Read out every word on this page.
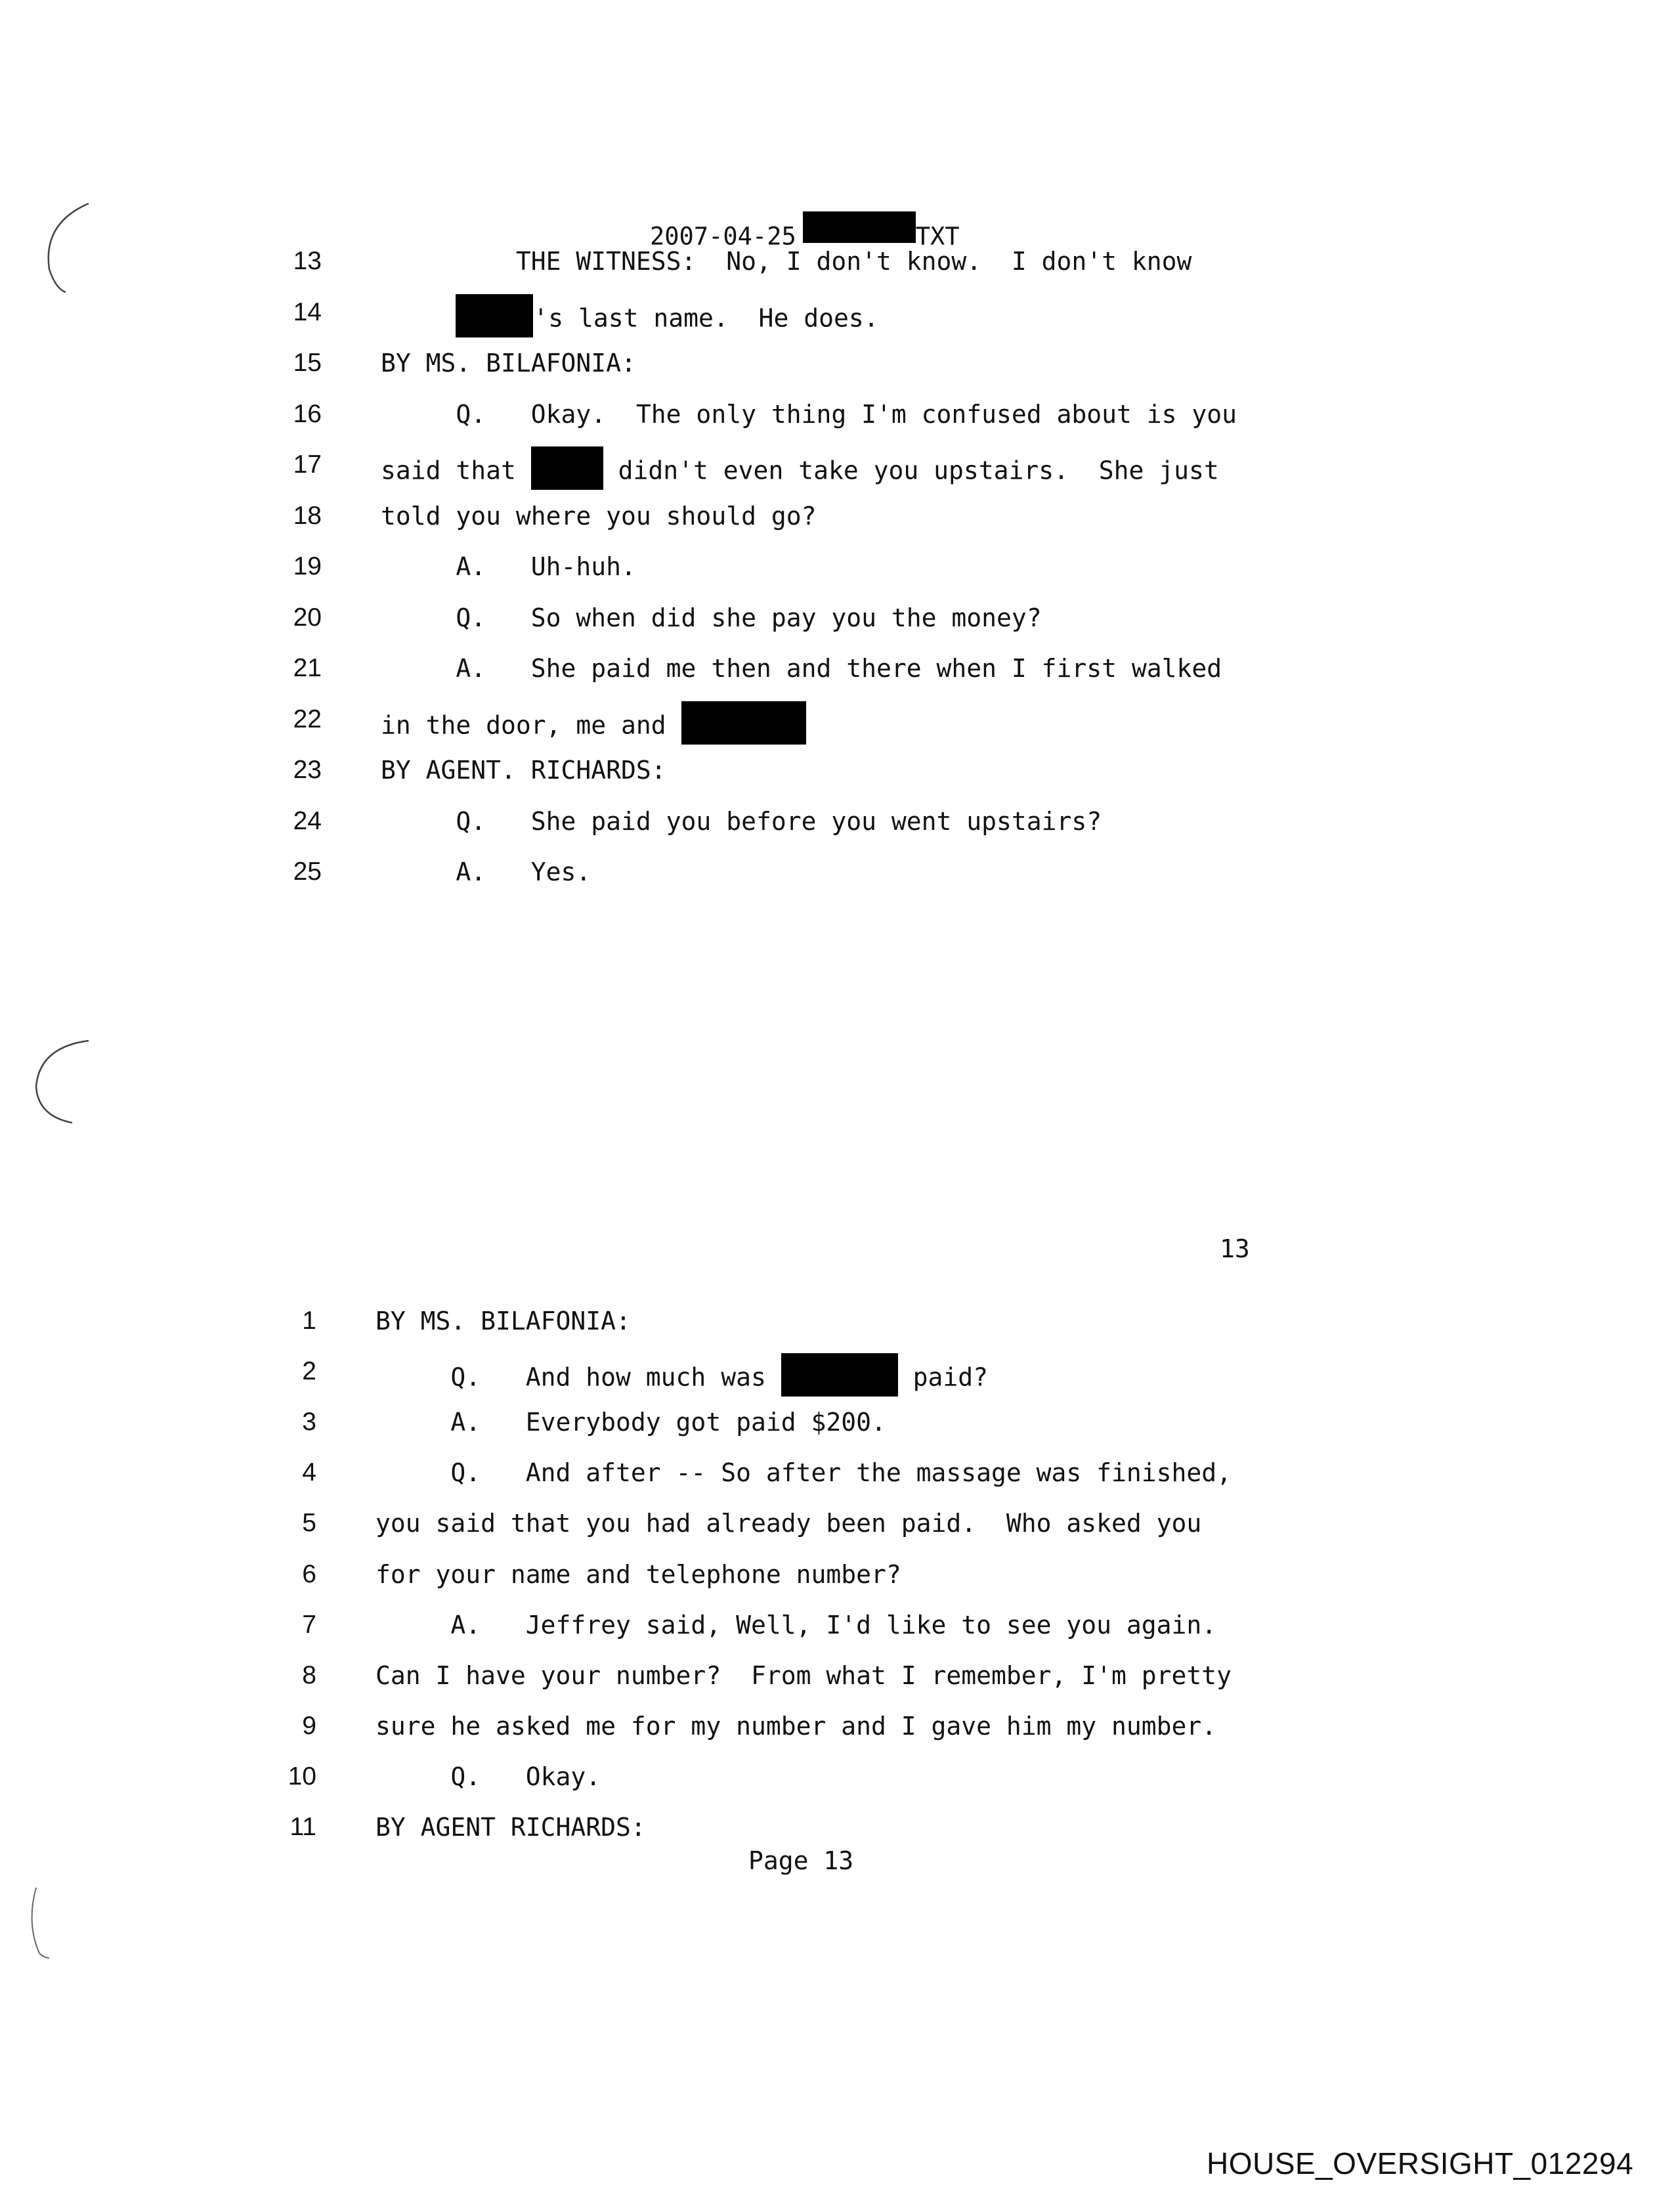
2007-04-25	TXT
13 THE WITNESS:  No, I don't know.  I don't know
14	's last name.  He does.
15 BY MS. BILAFONIA:
16 Q.   Okay.  The only thing I'm confused about is you
17 said that	didn't even take you upstairs.  She just
18 told you where you should go?
19 A.   Uh-huh.
20 Q.   So when did she pay you the money?
21 A.   She paid me then and there when I first walked
22 in the door, me and
23 BY AGENT. RICHARDS:
24 Q.   She paid you before you went upstairs?
25 A.   Yes.
13
1 BY MS. BILAFONIA:
2 Q.   And how much was	paid?
3 A.   Everybody got paid $200.
4 Q.   And after -- So after the massage was finished,
5 you said that you had already been paid.  Who asked you
6 for your name and telephone number?
7 A.   Jeffrey said, Well, I'd like to see you again.
8 Can I have your number?  From what I remember, I'm pretty
9 sure he asked me for my number and I gave him my number.
10 Q.   Okay.
11 BY AGENT RICHARDS:
Page 13
HOUSE_OVERSIGHT_012294
